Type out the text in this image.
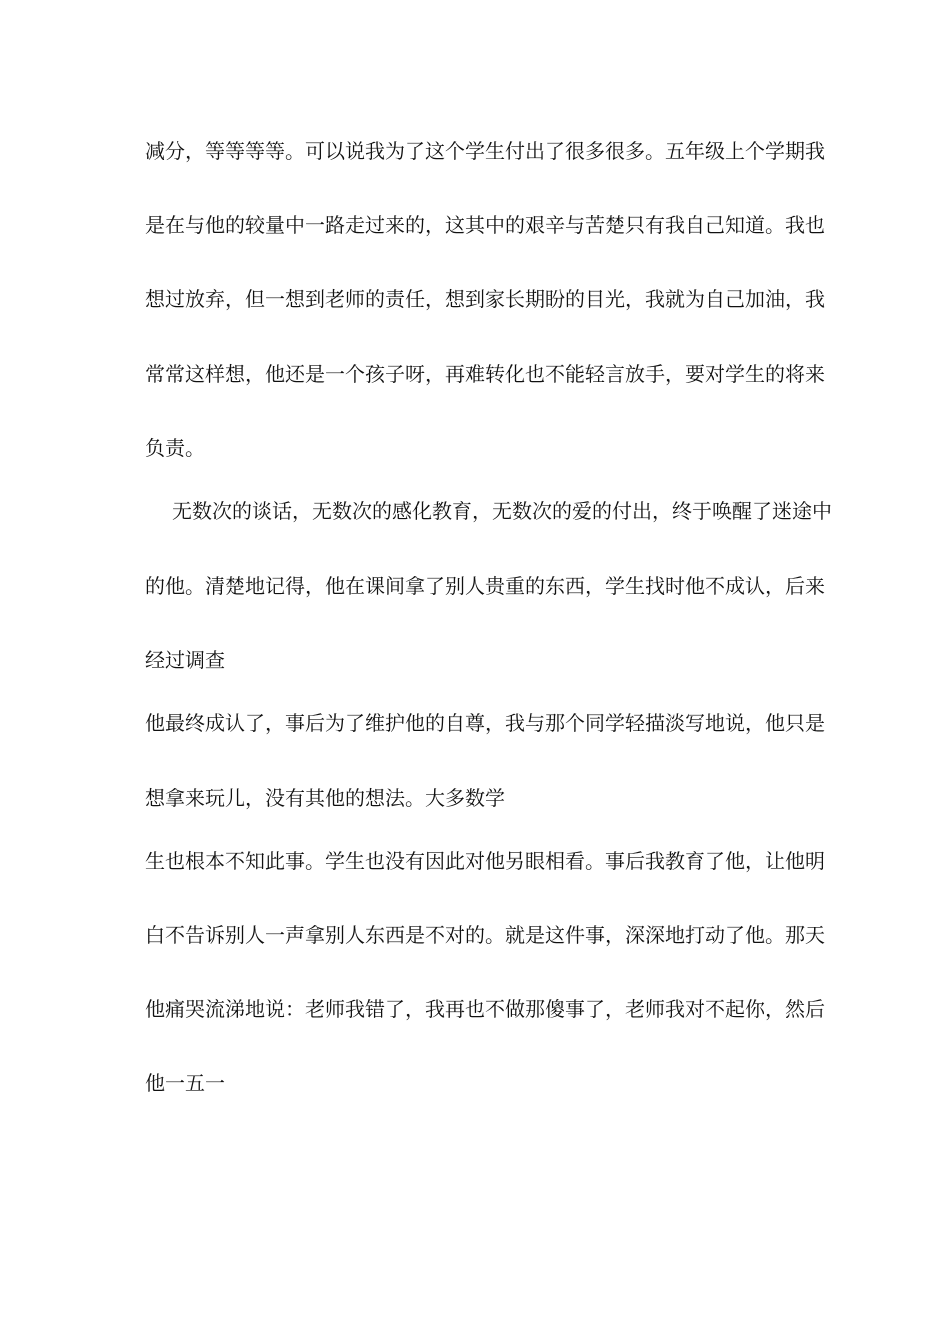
减分，等等等等。可以说我为了这个学生付出了很多很多。五年级上个学期我

是在与他的较量中一路走过来的，这其中的艰辛与苦楚只有我自己知道。我也

想过放弃，但一想到老师的责任，想到家长期盼的目光，我就为自己加油，我

常常这样想，他还是一个孩子呀，再难转化也不能轻言放手，要对学生的将来

负责。

无数次的谈话，无数次的感化教育，无数次的爱的付出，终于唤醒了迷途中

的他。清楚地记得，他在课间拿了别人贵重的东西，学生找时他不成认，后来

经过调查

他最终成认了，事后为了维护他的自尊，我与那个同学轻描淡写地说，他只是

想拿来玩儿，没有其他的想法。大多数学

生也根本不知此事。学生也没有因此对他另眼相看。事后我教育了他，让他明

白不告诉别人一声拿别人东西是不对的。就是这件事，深深地打动了他。那天

他痛哭流涕地说：老师我错了，我再也不做那傻事了，老师我对不起你，然后

他一五一
